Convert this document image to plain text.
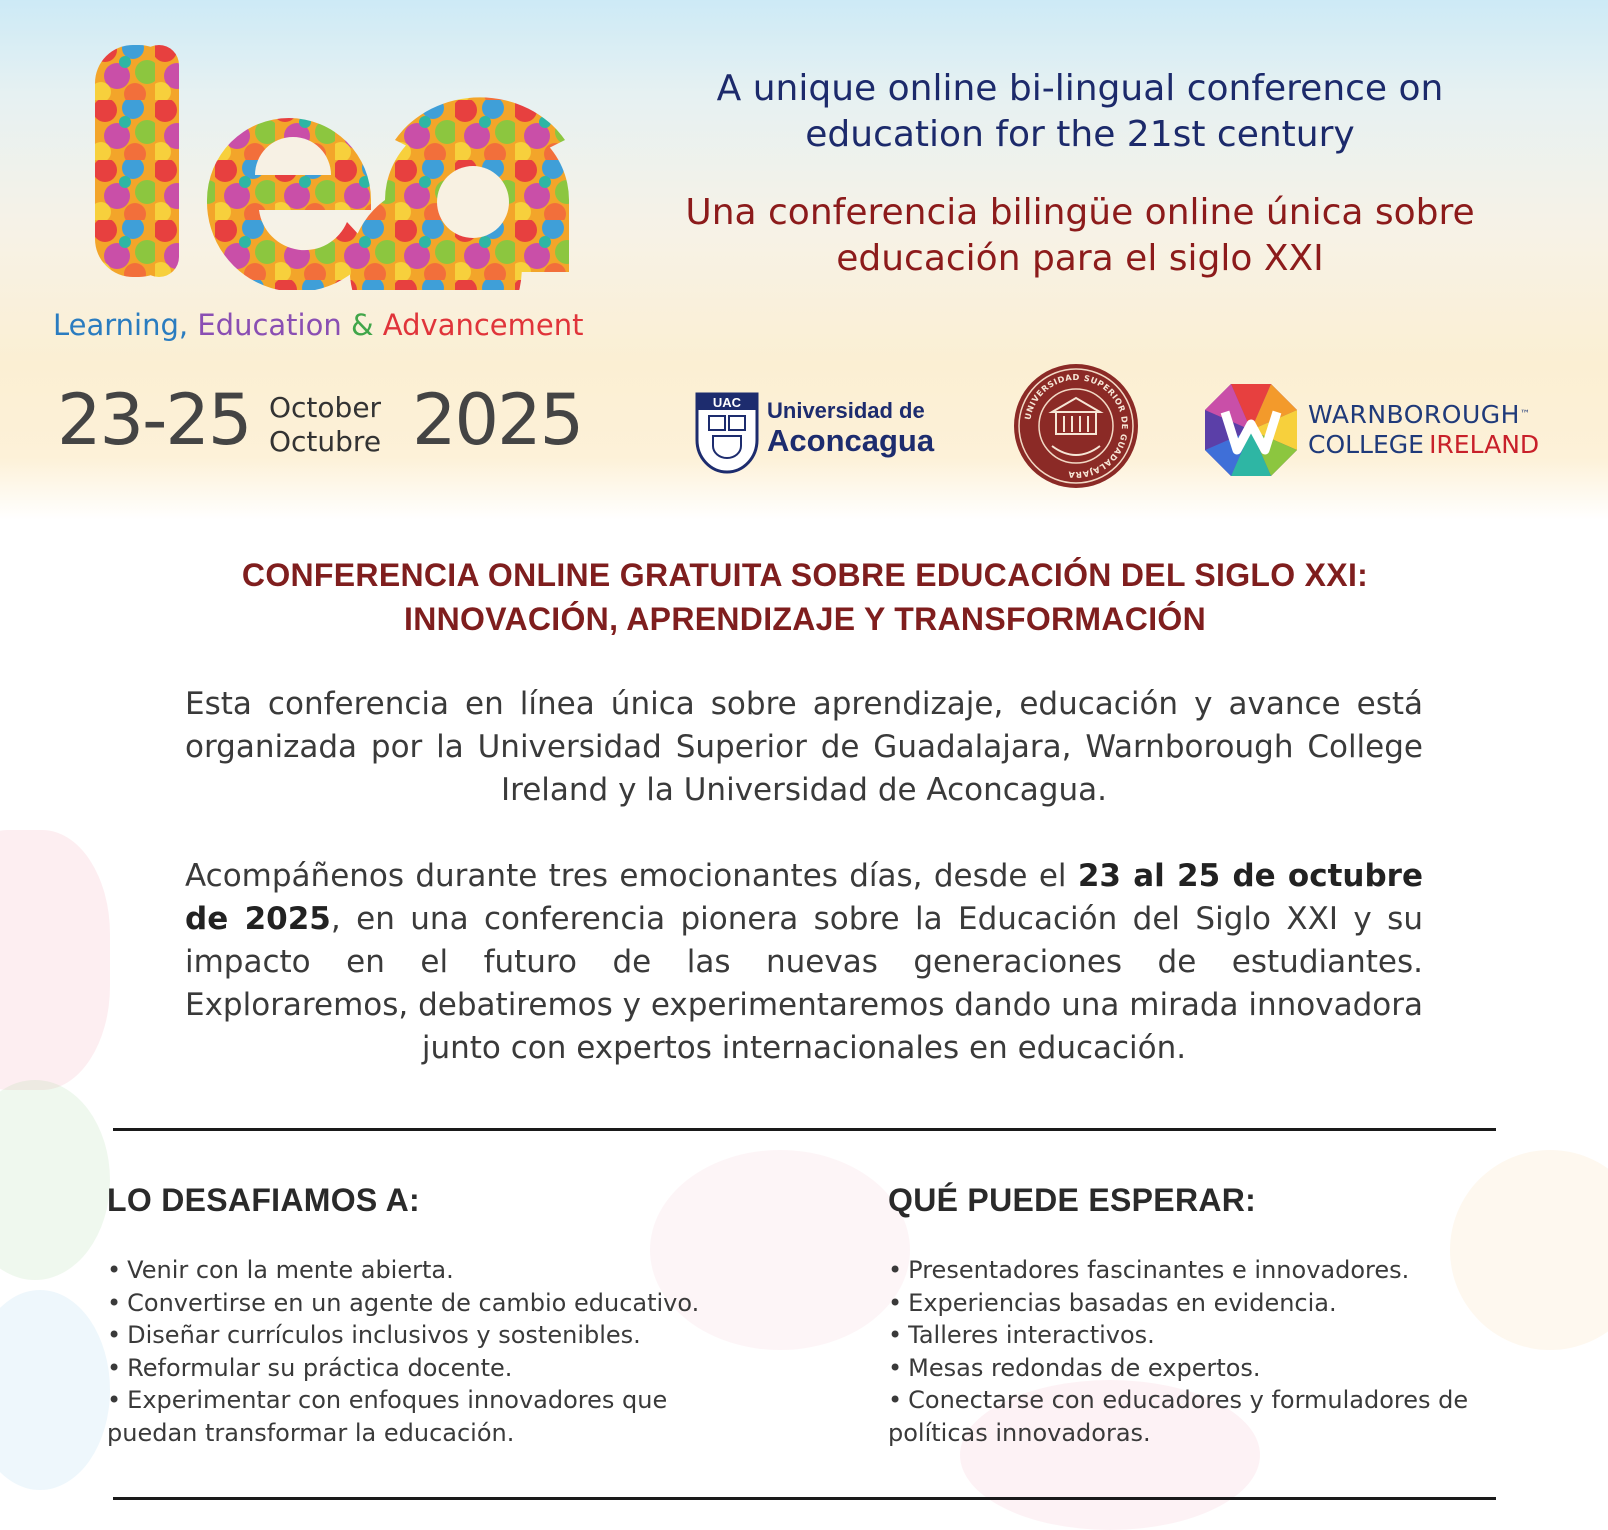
Learning, Education & Advancement
23-25 October
Octubre 2025
A unique online bi-lingual conference on
education for the 21st century
Una conferencia bilingüe online única sobre
educación para el siglo XXI
UAC Universidad de
Aconcagua
UNIVERSIDAD SUPERIOR DE GUADALAJARA
WARNBOROUGH™
COLLEGE IRELAND
CONFERENCIA ONLINE GRATUITA SOBRE EDUCACIÓN DEL SIGLO XXI:
INNOVACIÓN, APRENDIZAJE Y TRANSFORMACIÓN
Esta conferencia en línea única sobre aprendizaje, educación y avance está organizada por la Universidad Superior de Guadalajara, Warnborough College Ireland y la Universidad de Aconcagua.
Acompáñenos durante tres emocionantes días, desde el 23 al 25 de octubre de 2025, en una conferencia pionera sobre la Educación del Siglo XXI y su impacto en el futuro de las nuevas generaciones de estudiantes. Exploraremos, debatiremos y experimentaremos dando una mirada innovadora junto con expertos internacionales en educación.
LO DESAFIAMOS A:
• Venir con la mente abierta.
• Convertirse en un agente de cambio educativo.
• Diseñar currículos inclusivos y sostenibles.
• Reformular su práctica docente.
• Experimentar con enfoques innovadores que puedan transformar la educación.
QUÉ PUEDE ESPERAR:
• Presentadores fascinantes e innovadores.
• Experiencias basadas en evidencia.
• Talleres interactivos.
• Mesas redondas de expertos.
• Conectarse con educadores y formuladores de políticas innovadoras.
